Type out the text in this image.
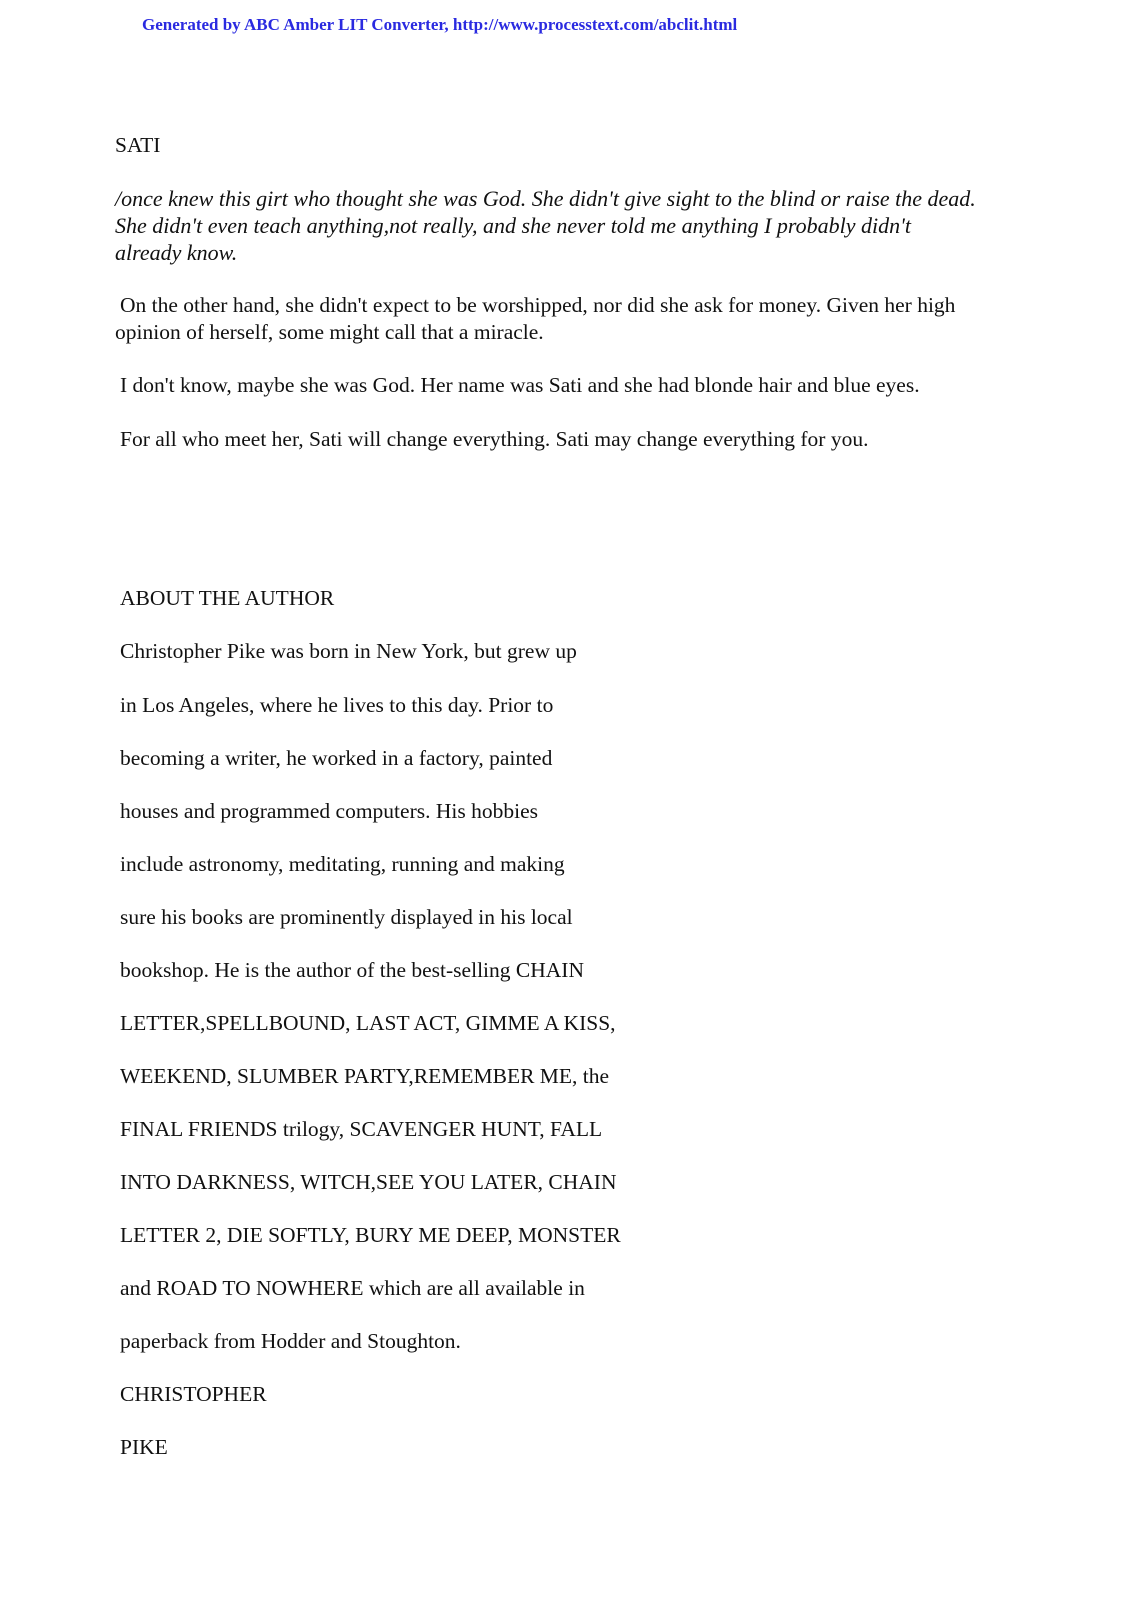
Generated by ABC Amber LIT Converter, http://www.processtext.com/abclit.html
SATI
/once knew this girt who thought she was God. She didn't give sight to the blind or raise the dead.
She didn't even teach anything,not really, and she never told me anything I probably didn't
already know.
On the other hand, she didn't expect to be worshipped, nor did she ask for money. Given her high
opinion of herself, some might call that a miracle.
I don't know, maybe she was God. Her name was Sati and she had blonde hair and blue eyes.
For all who meet her, Sati will change everything. Sati may change everything for you.
ABOUT THE AUTHOR
Christopher Pike was born in New York, but grew up
in Los Angeles, where he lives to this day. Prior to
becoming a writer, he worked in a factory, painted
houses and programmed computers. His hobbies
include astronomy, meditating, running and making
sure his books are prominently displayed in his local
bookshop. He is the author of the best-selling CHAIN
LETTER,SPELLBOUND, LAST ACT, GIMME A KISS,
WEEKEND, SLUMBER PARTY,REMEMBER ME, the
FINAL FRIENDS trilogy, SCAVENGER HUNT, FALL
INTO DARKNESS, WITCH,SEE YOU LATER, CHAIN
LETTER 2, DIE SOFTLY, BURY ME DEEP, MONSTER
and ROAD TO NOWHERE which are all available in
paperback from Hodder and Stoughton.
CHRISTOPHER
PIKE
